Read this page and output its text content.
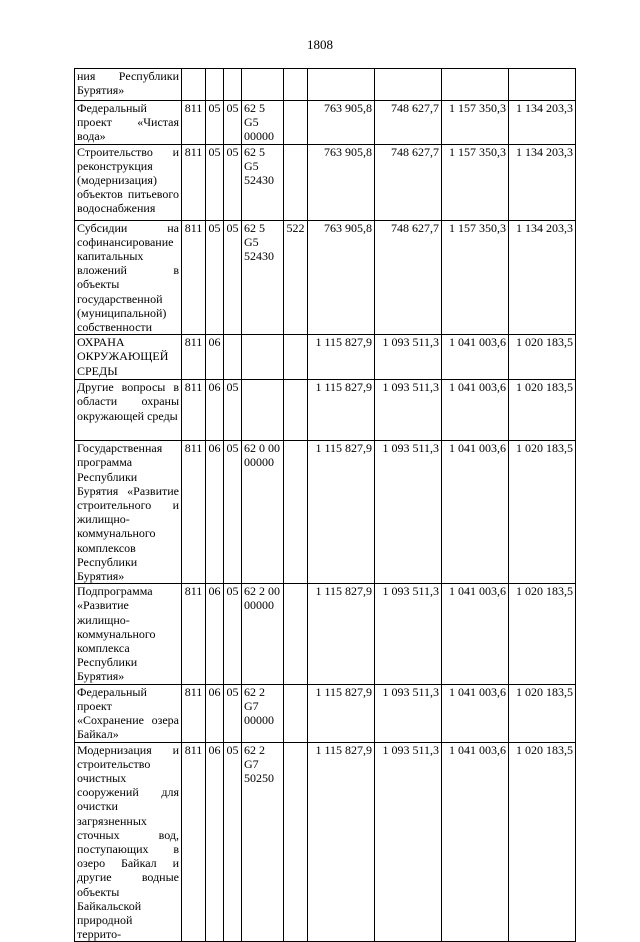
1808
ния Республики Бурятия»									
Федеральный проект «Чистая вода»	811	05	05	62 5 G5 00000		763 905,8	748 627,7	1 157 350,3	1 134 203,3
Строительство и реконструкция (модернизация) объектов питьевого водоснабжения	811	05	05	62 5 G5 52430		763 905,8	748 627,7	1 157 350,3	1 134 203,3
Субсидии на софинансирование капитальных вложений в объекты государственной (муниципальной) собственности	811	05	05	62 5 G5 52430	522	763 905,8	748 627,7	1 157 350,3	1 134 203,3
ОХРАНА ОКРУЖАЮЩЕЙ СРЕДЫ	811	06				1 115 827,9	1 093 511,3	1 041 003,6	1 020 183,5
Другие вопросы в области охраны окружающей среды	811	06	05			1 115 827,9	1 093 511,3	1 041 003,6	1 020 183,5
Государственная программа Республики Бурятия «Развитие строительного и жилищно-коммунального комплексов Республики Бурятия»	811	06	05	62 0 00 00000		1 115 827,9	1 093 511,3	1 041 003,6	1 020 183,5
Подпрограмма «Развитие жилищно-коммунального комплекса Республики Бурятия»	811	06	05	62 2 00 00000		1 115 827,9	1 093 511,3	1 041 003,6	1 020 183,5
Федеральный проект «Сохранение озера Байкал»	811	06	05	62 2 G7 00000		1 115 827,9	1 093 511,3	1 041 003,6	1 020 183,5
Модернизация и строительство очистных сооружений для очистки загрязненных сточных вод, поступающих в озеро Байкал и другие водные объекты Байкальской природной террито-	811	06	05	62 2 G7 50250		1 115 827,9	1 093 511,3	1 041 003,6	1 020 183,5
